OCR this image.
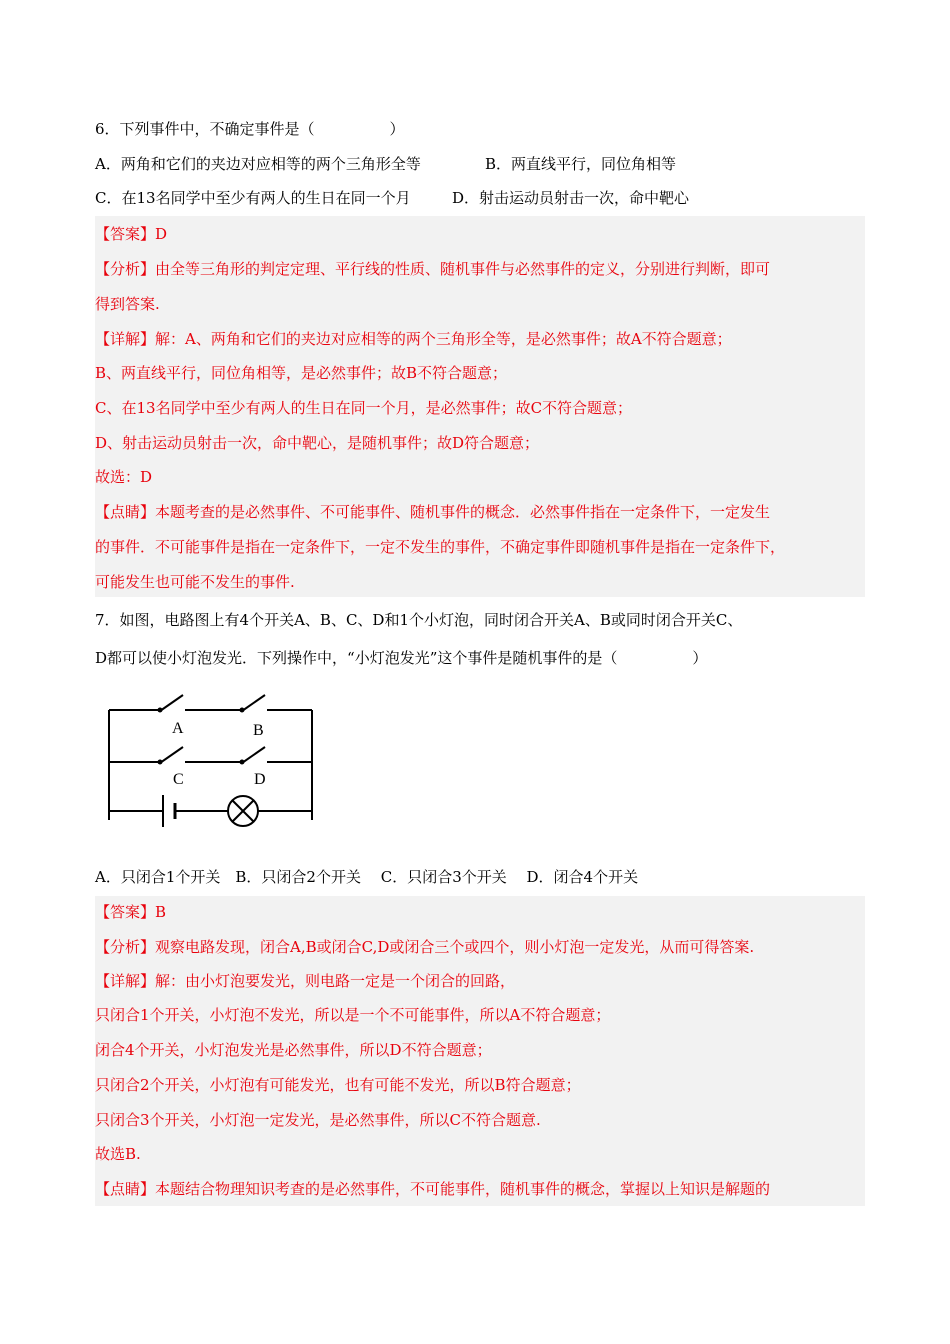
6．下列事件中，不确定事件是（　　　　　）
A．两角和它们的夹边对应相等的两个三角形全等	B．两直线平行，同位角相等
C．在13名同学中至少有两人的生日在同一个月	D．射击运动员射击一次，命中靶心
【答案】D
【分析】由全等三角形的判定定理、平行线的性质、随机事件与必然事件的定义，分别进行判断，即可
得到答案.
【详解】解：A、两角和它们的夹边对应相等的两个三角形全等，是必然事件；故A不符合题意；
B、两直线平行，同位角相等，是必然事件；故B不符合题意；
C、在13名同学中至少有两人的生日在同一个月，是必然事件；故C不符合题意；
D、射击运动员射击一次，命中靶心，是随机事件；故D符合题意；
故选：D
【点睛】本题考查的是必然事件、不可能事件、随机事件的概念．必然事件指在一定条件下，一定发生
的事件．不可能事件是指在一定条件下，一定不发生的事件，不确定事件即随机事件是指在一定条件下，
可能发生也可能不发生的事件.
7．如图，电路图上有4个开关A、B、C、D和1个小灯泡，同时闭合开关A、B或同时闭合开关C、
D都可以使小灯泡发光．下列操作中，“小灯泡发光”这个事件是随机事件的是（　　　　　）
A	B
C	D
A．只闭合1个开关　B．只闭合2个开关　 C．只闭合3个开关　 D．闭合4个开关
【答案】B
【分析】观察电路发现，闭合A,B或闭合C,D或闭合三个或四个，则小灯泡一定发光，从而可得答案.
【详解】解：由小灯泡要发光，则电路一定是一个闭合的回路，
只闭合1个开关，小灯泡不发光，所以是一个不可能事件，所以A不符合题意；
闭合4个开关，小灯泡发光是必然事件，所以D不符合题意；
只闭合2个开关，小灯泡有可能发光，也有可能不发光，所以B符合题意；
只闭合3个开关，小灯泡一定发光，是必然事件，所以C不符合题意.
故选B.
【点睛】本题结合物理知识考查的是必然事件，不可能事件，随机事件的概念，掌握以上知识是解题的
